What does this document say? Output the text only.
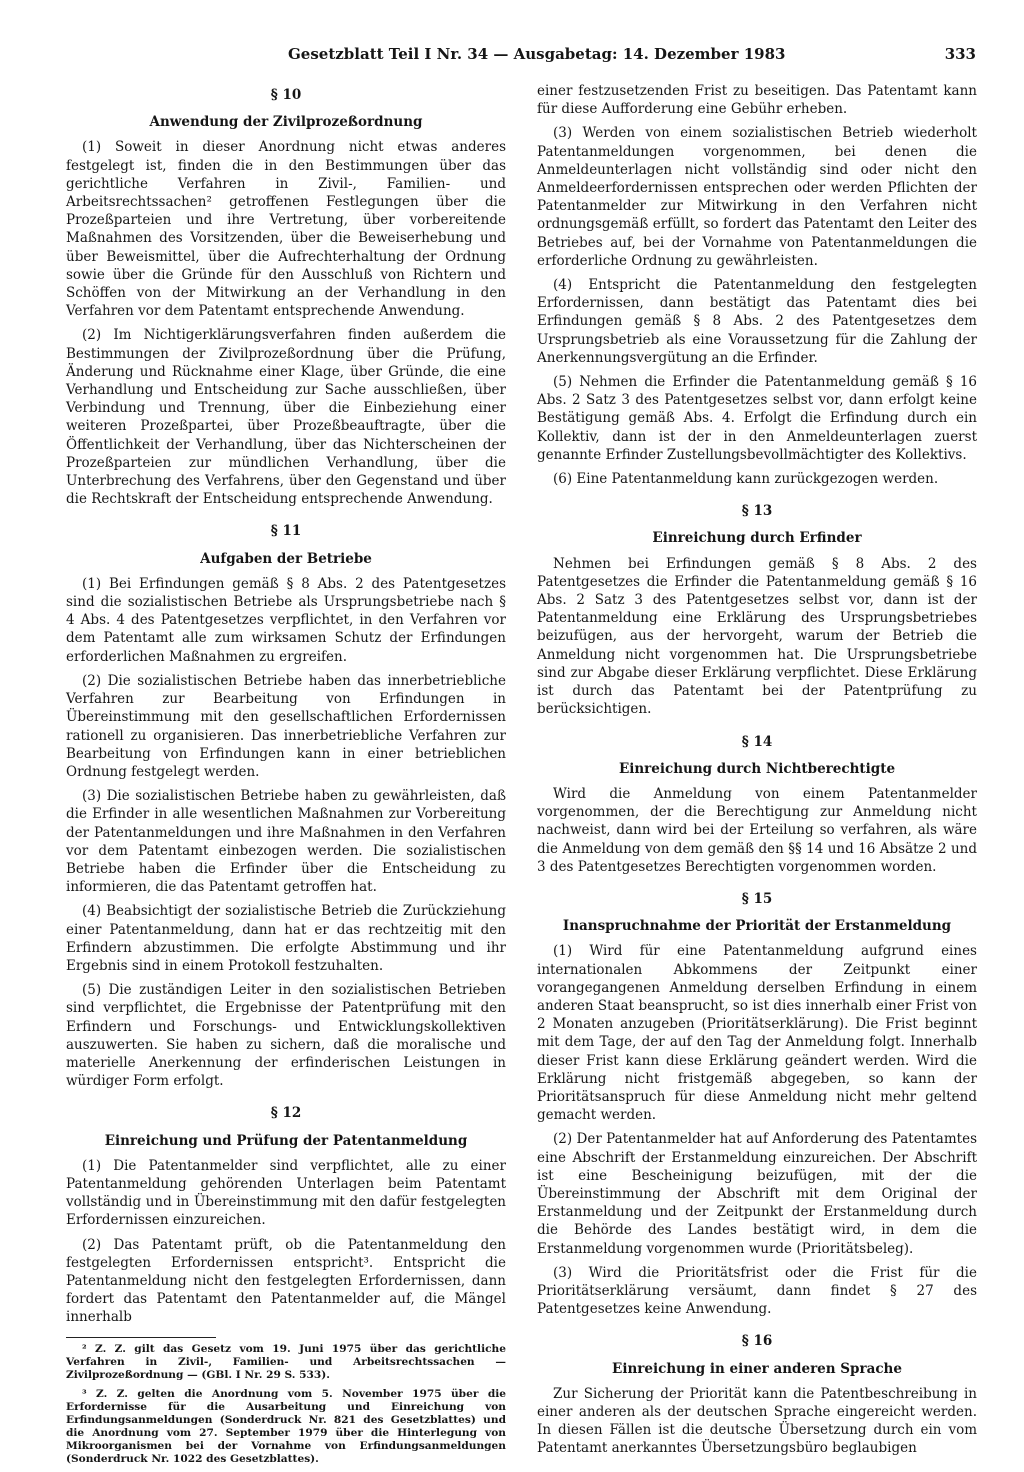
Gesetzblatt Teil I Nr. 34 — Ausgabetag: 14. Dezember 1983	333
§ 10
Anwendung der Zivilprozeßordnung

(1) Soweit in dieser Anordnung nicht etwas anderes festgelegt ist, finden die in den Bestimmungen über das gerichtliche Verfahren in Zivil-, Familien- und Arbeitsrechtssachen² getroffenen Festlegungen über die Prozeßparteien und ihre Vertretung, über vorbereitende Maßnahmen des Vorsitzenden, über die Beweiserhebung und über Beweismittel, über die Aufrechterhaltung der Ordnung sowie über die Gründe für den Ausschluß von Richtern und Schöffen von der Mitwirkung an der Verhandlung in den Verfahren vor dem Patentamt entsprechende Anwendung.

(2) Im Nichtigerklärungsverfahren finden außerdem die Bestimmungen der Zivilprozeßordnung über die Prüfung, Änderung und Rücknahme einer Klage, über Gründe, die eine Verhandlung und Entscheidung zur Sache ausschließen, über Verbindung und Trennung, über die Einbeziehung einer weiteren Prozeßpartei, über Prozeßbeauftragte, über die Öffentlichkeit der Verhandlung, über das Nichterscheinen der Prozeßparteien zur mündlichen Verhandlung, über die Unterbrechung des Verfahrens, über den Gegenstand und über die Rechtskraft der Entscheidung entsprechende Anwendung.

§ 11
Aufgaben der Betriebe

(1) Bei Erfindungen gemäß § 8 Abs. 2 des Patentgesetzes sind die sozialistischen Betriebe als Ursprungsbetriebe nach § 4 Abs. 4 des Patentgesetzes verpflichtet, in den Verfahren vor dem Patentamt alle zum wirksamen Schutz der Erfindungen erforderlichen Maßnahmen zu ergreifen.

(2) Die sozialistischen Betriebe haben das innerbetriebliche Verfahren zur Bearbeitung von Erfindungen in Übereinstimmung mit den gesellschaftlichen Erfordernissen rationell zu organisieren. Das innerbetriebliche Verfahren zur Bearbeitung von Erfindungen kann in einer betrieblichen Ordnung festgelegt werden.

(3) Die sozialistischen Betriebe haben zu gewährleisten, daß die Erfinder in alle wesentlichen Maßnahmen zur Vorbereitung der Patentanmeldungen und ihre Maßnahmen in den Verfahren vor dem Patentamt einbezogen werden. Die sozialistischen Betriebe haben die Erfinder über die Entscheidung zu informieren, die das Patentamt getroffen hat.

(4) Beabsichtigt der sozialistische Betrieb die Zurückziehung einer Patentanmeldung, dann hat er das rechtzeitig mit den Erfindern abzustimmen. Die erfolgte Abstimmung und ihr Ergebnis sind in einem Protokoll festzuhalten.

(5) Die zuständigen Leiter in den sozialistischen Betrieben sind verpflichtet, die Ergebnisse der Patentprüfung mit den Erfindern und Forschungs- und Entwicklungskollektiven auszuwerten. Sie haben zu sichern, daß die moralische und materielle Anerkennung der erfinderischen Leistungen in würdiger Form erfolgt.

§ 12
Einreichung und Prüfung der Patentanmeldung

(1) Die Patentanmelder sind verpflichtet, alle zu einer Patentanmeldung gehörenden Unterlagen beim Patentamt vollständig und in Übereinstimmung mit den dafür festgelegten Erfordernissen einzureichen.

(2) Das Patentamt prüft, ob die Patentanmeldung den festgelegten Erfordernissen entspricht³. Entspricht die Patentanmeldung nicht den festgelegten Erfordernissen, dann fordert das Patentamt den Patentanmelder auf, die Mängel innerhalb

² Z. Z. gilt das Gesetz vom 19. Juni 1975 über das gerichtliche Verfahren in Zivil-, Familien- und Arbeitsrechtssachen — Zivilprozeßordnung — (GBl. I Nr. 29 S. 533).

³ Z. Z. gelten die Anordnung vom 5. November 1975 über die Erfordernisse für die Ausarbeitung und Einreichung von Erfindungsanmeldungen (Sonderdruck Nr. 821 des Gesetzblattes) und die Anordnung vom 27. September 1979 über die Hinterlegung von Mikroorganismen bei der Vornahme von Erfindungsanmeldungen (Sonderdruck Nr. 1022 des Gesetzblattes).

einer festzusetzenden Frist zu beseitigen. Das Patentamt kann für diese Aufforderung eine Gebühr erheben.

(3) Werden von einem sozialistischen Betrieb wiederholt Patentanmeldungen vorgenommen, bei denen die Anmeldeunterlagen nicht vollständig sind oder nicht den Anmeldeerfordernissen entsprechen oder werden Pflichten der Patentanmelder zur Mitwirkung in den Verfahren nicht ordnungsgemäß erfüllt, so fordert das Patentamt den Leiter des Betriebes auf, bei der Vornahme von Patentanmeldungen die erforderliche Ordnung zu gewährleisten.

(4) Entspricht die Patentanmeldung den festgelegten Erfordernissen, dann bestätigt das Patentamt dies bei Erfindungen gemäß § 8 Abs. 2 des Patentgesetzes dem Ursprungsbetrieb als eine Voraussetzung für die Zahlung der Anerkennungsvergütung an die Erfinder.

(5) Nehmen die Erfinder die Patentanmeldung gemäß § 16 Abs. 2 Satz 3 des Patentgesetzes selbst vor, dann erfolgt keine Bestätigung gemäß Abs. 4. Erfolgt die Erfindung durch ein Kollektiv, dann ist der in den Anmeldeunterlagen zuerst genannte Erfinder Zustellungsbevollmächtigter des Kollektivs.

(6) Eine Patentanmeldung kann zurückgezogen werden.

§ 13
Einreichung durch Erfinder

Nehmen bei Erfindungen gemäß § 8 Abs. 2 des Patentgesetzes die Erfinder die Patentanmeldung gemäß § 16 Abs. 2 Satz 3 des Patentgesetzes selbst vor, dann ist der Patentanmeldung eine Erklärung des Ursprungsbetriebes beizufügen, aus der hervorgeht, warum der Betrieb die Anmeldung nicht vorgenommen hat. Die Ursprungsbetriebe sind zur Abgabe dieser Erklärung verpflichtet. Diese Erklärung ist durch das Patentamt bei der Patentprüfung zu berücksichtigen.

§ 14
Einreichung durch Nichtberechtigte

Wird die Anmeldung von einem Patentanmelder vorgenommen, der die Berechtigung zur Anmeldung nicht nachweist, dann wird bei der Erteilung so verfahren, als wäre die Anmeldung von dem gemäß den §§ 14 und 16 Absätze 2 und 3 des Patentgesetzes Berechtigten vorgenommen worden.

§ 15
Inanspruchnahme der Priorität der Erstanmeldung

(1) Wird für eine Patentanmeldung aufgrund eines internationalen Abkommens der Zeitpunkt einer vorangegangenen Anmeldung derselben Erfindung in einem anderen Staat beansprucht, so ist dies innerhalb einer Frist von 2 Monaten anzugeben (Prioritätserklärung). Die Frist beginnt mit dem Tage, der auf den Tag der Anmeldung folgt. Innerhalb dieser Frist kann diese Erklärung geändert werden. Wird die Erklärung nicht fristgemäß abgegeben, so kann der Prioritätsanspruch für diese Anmeldung nicht mehr geltend gemacht werden.

(2) Der Patentanmelder hat auf Anforderung des Patentamtes eine Abschrift der Erstanmeldung einzureichen. Der Abschrift ist eine Bescheinigung beizufügen, mit der die Übereinstimmung der Abschrift mit dem Original der Erstanmeldung und der Zeitpunkt der Erstanmeldung durch die Behörde des Landes bestätigt wird, in dem die Erstanmeldung vorgenommen wurde (Prioritätsbeleg).

(3) Wird die Prioritätsfrist oder die Frist für die Prioritätserklärung versäumt, dann findet § 27 des Patentgesetzes keine Anwendung.

§ 16
Einreichung in einer anderen Sprache

Zur Sicherung der Priorität kann die Patentbeschreibung in einer anderen als der deutschen Sprache eingereicht werden. In diesen Fällen ist die deutsche Übersetzung durch ein vom Patentamt anerkanntes Übersetzungsbüro beglaubigen
